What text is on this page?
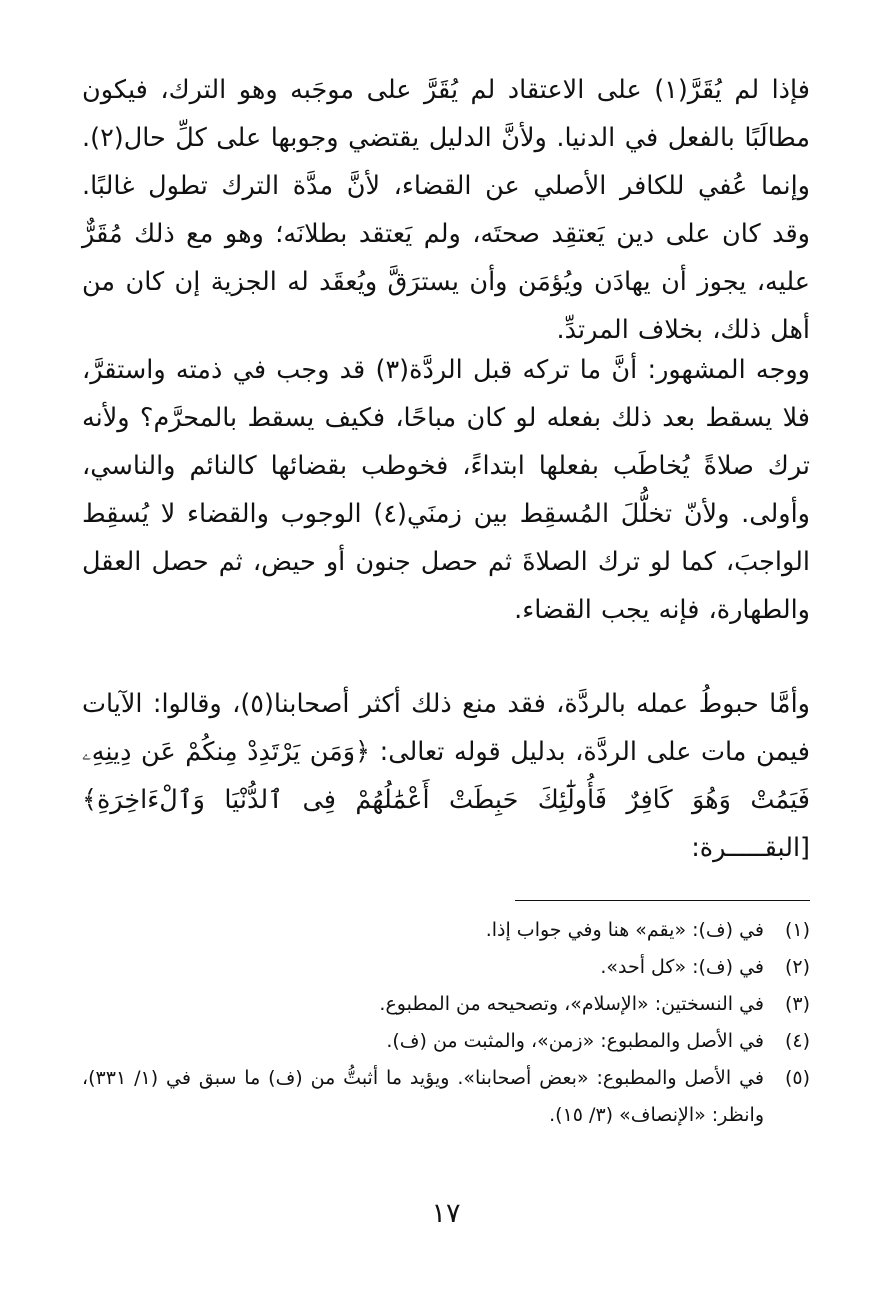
فإذا لم يُقَرَّ(١) على الاعتقاد لم يُقَرَّ على موجَبه وهو الترك، فيكون مطالَبًا بالفعل في الدنيا. ولأنَّ الدليل يقتضي وجوبها على كلِّ حال(٢). وإنما عُفي للكافر الأصلي عن القضاء، لأنَّ مدَّة الترك تطول غالبًا. وقد كان على دين يَعتقِد صحتَه، ولم يَعتقد بطلانَه؛ وهو مع ذلك مُقَرٌّ عليه، يجوز أن يهادَن ويُؤمَن وأن يسترَقَّ ويُعقَد له الجزية إن كان من أهل ذلك، بخلاف المرتدِّ.

ووجه المشهور: أنَّ ما تركه قبل الردَّة(٣) قد وجب في ذمته واستقرَّ، فلا يسقط بعد ذلك بفعله لو كان مباحًا، فكيف يسقط بالمحرَّم؟ ولأنه ترك صلاةً يُخاطَب بفعلها ابتداءً، فخوطب بقضائها كالنائم والناسي، وأولى. ولأنّ تخلُّلَ المُسقِط بين زمنَي(٤) الوجوب والقضاء لا يُسقِط الواجبَ، كما لو ترك الصلاةَ ثم حصل جنون أو حيض، ثم حصل العقل والطهارة، فإنه يجب القضاء.

وأمَّا حبوطُ عمله بالردَّة، فقد منع ذلك أكثر أصحابنا(٥)، وقالوا: الآيات فيمن مات على الردَّة، بدليل قوله تعالى: ﴿وَمَن يَرْتَدِدْ مِنكُمْ عَن دِينِهِۦ فَيَمُتْ وَهُوَ كَافِرٌ فَأُولَٰٓئِكَ حَبِطَتْ أَعْمَٰلُهُمْ فِى ٱلدُّنْيَا وَٱلْءَاخِرَةِ﴾ [البقـــــرة:

(١)
في (ف): «يقم» هنا وفي جواب إذا.
(٢)
في (ف): «كل أحد».
(٣)
في النسختين: «الإسلام»، وتصحيحه من المطبوع.
(٤)
في الأصل والمطبوع: «زمن»، والمثبت من (ف).
(٥)
في الأصل والمطبوع: «بعض أصحابنا». ويؤيد ما أثبتُّ من (ف) ما سبق في (١/ ٣٣١)، وانظر: «الإنصاف» (٣/ ١٥).
١٧
